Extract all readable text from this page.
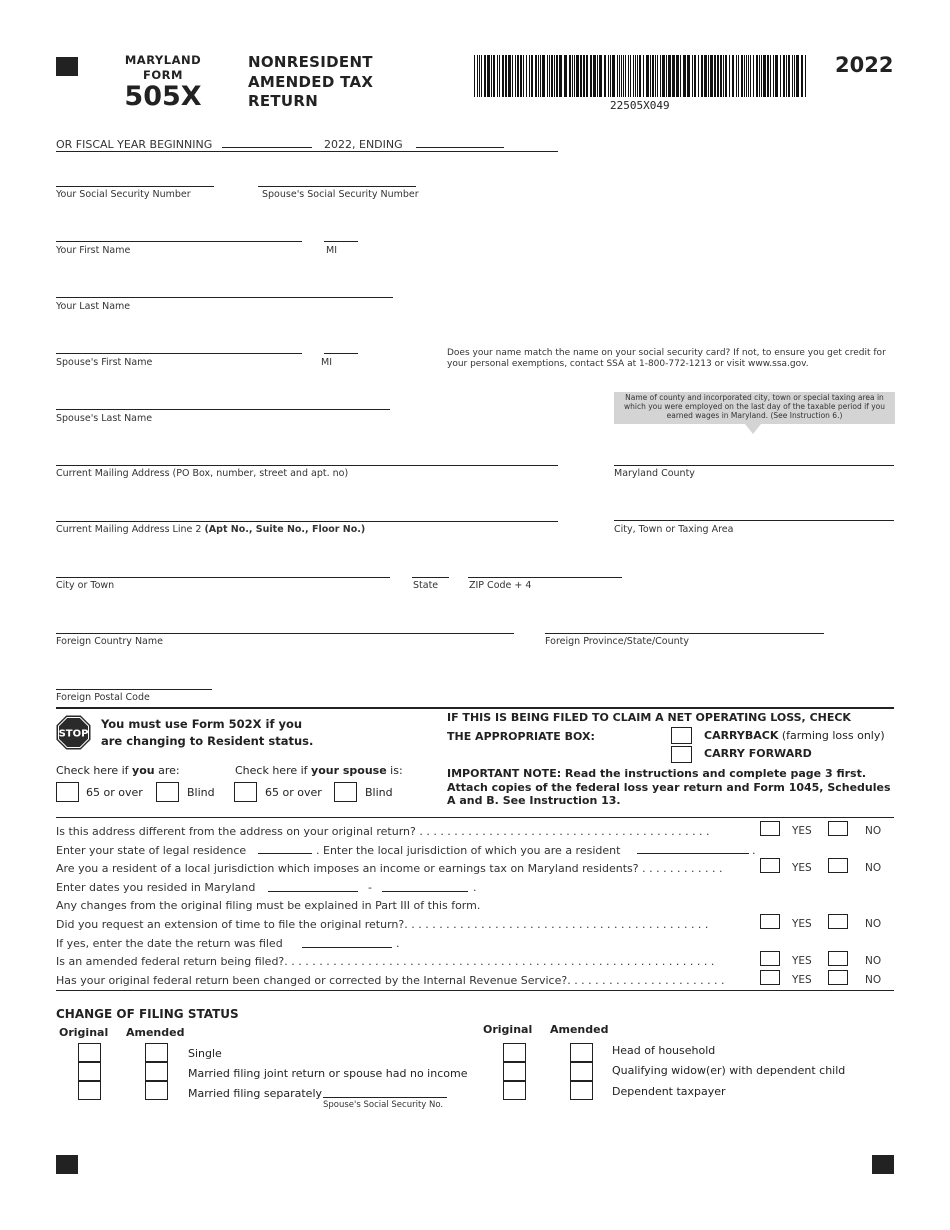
MARYLAND
FORM
505X
NONRESIDENT
AMENDED TAX
RETURN	22505X049
2022
OR FISCAL YEAR BEGINNING	2022, ENDING
Your Social Security Number	Spouse's Social Security Number
Your First Name	MI
Your Last Name
Spouse's First Name	MI
Does your name match the name on your social security card? If not, to ensure you get credit for your personal exemptions, contact SSA at 1-800-772-1213 or visit www.ssa.gov.
Spouse's Last Name
Name of county and incorporated city, town or special taxing area in which you were employed on the last day of the taxable period if you earned wages in Maryland. (See Instruction 6.)
Current Mailing Address (PO Box, number, street and apt. no)	Maryland County
Current Mailing Address Line 2 (Apt No., Suite No., Floor No.)	City, Town or Taxing Area
City or Town	State	ZIP Code + 4
Foreign Country Name	Foreign Province/State/County
Foreign Postal Code
STOP
You must use Form 502X if you
are changing to Resident status.
IF THIS IS BEING FILED TO CLAIM A NET OPERATING LOSS, CHECK
THE APPROPRIATE BOX:	CARRYBACK (farming loss only)
CARRY FORWARD
IMPORTANT NOTE: Read the instructions and complete page 3 first.
Attach copies of the federal loss year return and Form 1045, Schedules
A and B. See Instruction 13.
Check here if you are:	Check here if your spouse is:
65 or over	Blind	65 or over	Blind
Is this address different from the address on your original return? . . . . . . . . . . . . . . . . . . . . . . . . . . . . . . . . . . . . . . . . . .	YES	NO
Enter your state of legal residence	. Enter the local jurisdiction of which you are a resident	.
Are you a resident of a local jurisdiction which imposes an income or earnings tax on Maryland residents? . . . . . . . . . . . .	YES	NO
Enter dates you resided in Maryland	-	.
Any changes from the original filing must be explained in Part III of this form.
Did you request an extension of time to file the original return?. . . . . . . . . . . . . . . . . . . . . . . . . . . . . . . . . . . . . . . . . . . .	YES	NO
If yes, enter the date the return was filed	.
Is an amended federal return being filed?. . . . . . . . . . . . . . . . . . . . . . . . . . . . . . . . . . . . . . . . . . . . . . . . . . . . . . . . . . . . . .	YES	NO
Has your original federal return been changed or corrected by the Internal Revenue Service?. . . . . . . . . . . . . . . . . . . . . . .	YES	NO
CHANGE OF FILING STATUS
Original Amended	Original Amended
Single
Married filing joint return or spouse had no income
Married filing separately
Spouse's Social Security No.
Head of household
Qualifying widow(er) with dependent child
Dependent taxpayer
